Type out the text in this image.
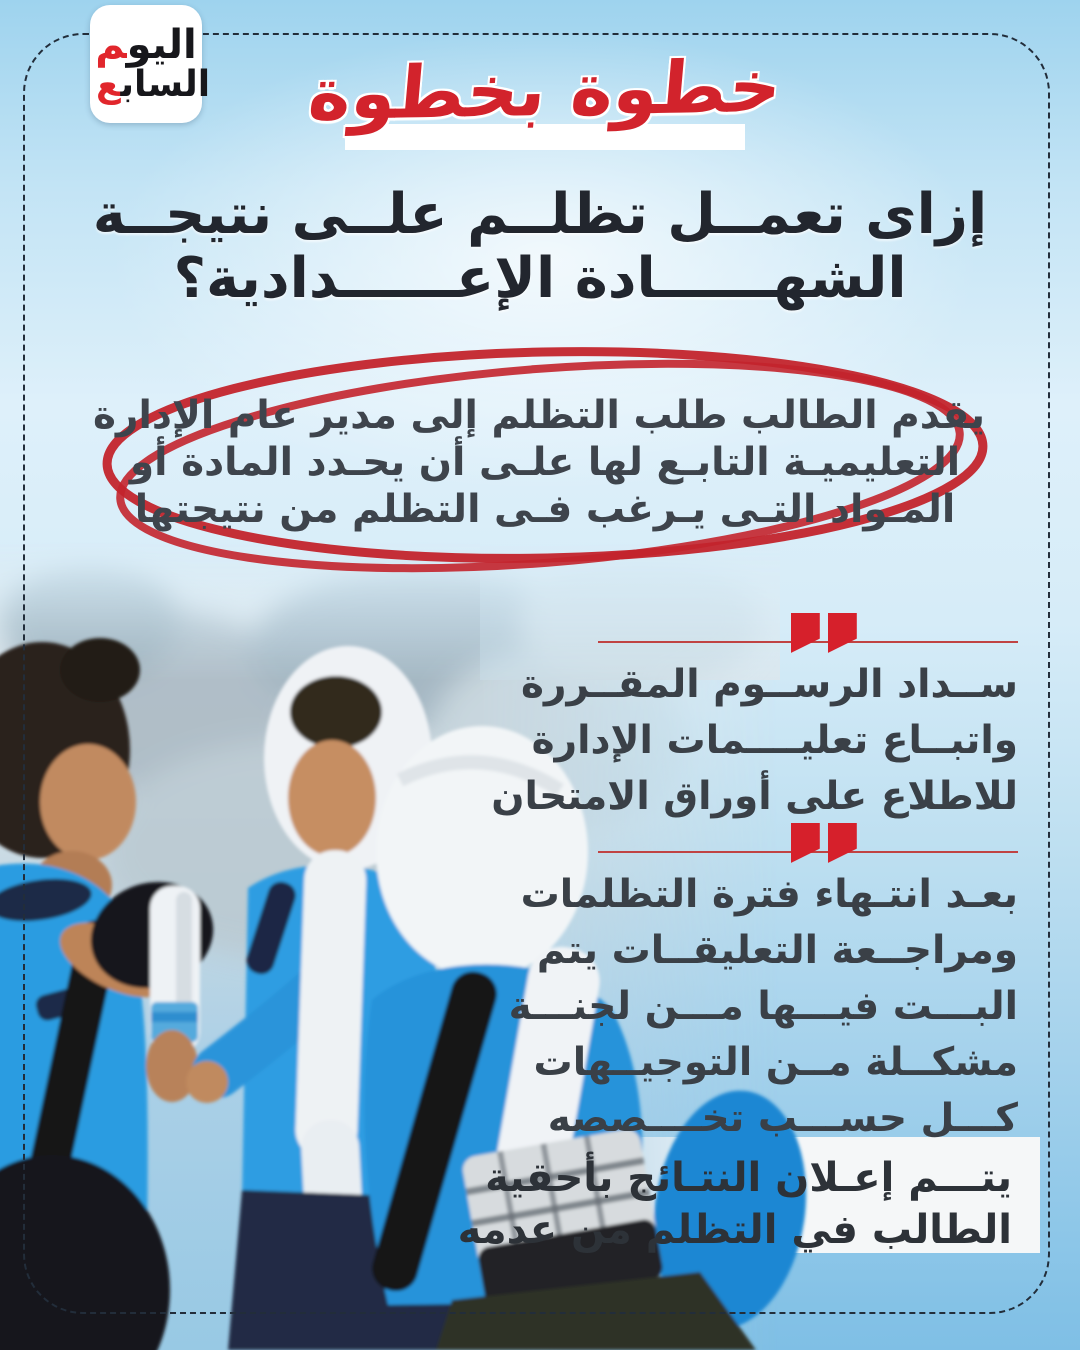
اليو‍‍م
الساب‍‍ع	خطوة بخطوة
إزاى تعمــل تظلــم علــى نتيجــة
الشهــــــادة الإعــــــدادية؟
يقدم الطالب طلب التظلم إلى مدير عام الإدارة
التعليميـة التابـع لها علـى أن يحـدد المادة أو
المـواد التـى يـرغب فـى التظلم من نتيجتها
ســداد الرســوم المقــررة
واتبــاع تعليــــمات الإدارة
للاطلاع على أوراق الامتحان
بعـد انتـهاء فترة التظلمات
ومراجــعة التعليقــات يتم
البـــت فيـــها مـــن لجنـــة
مشكــلة مــن التوجيــهات
كـــل حســـب تخــــصصه
يتـــم إعـلان النتـائج بأحقية
الطالب في التظلم من عدمه
